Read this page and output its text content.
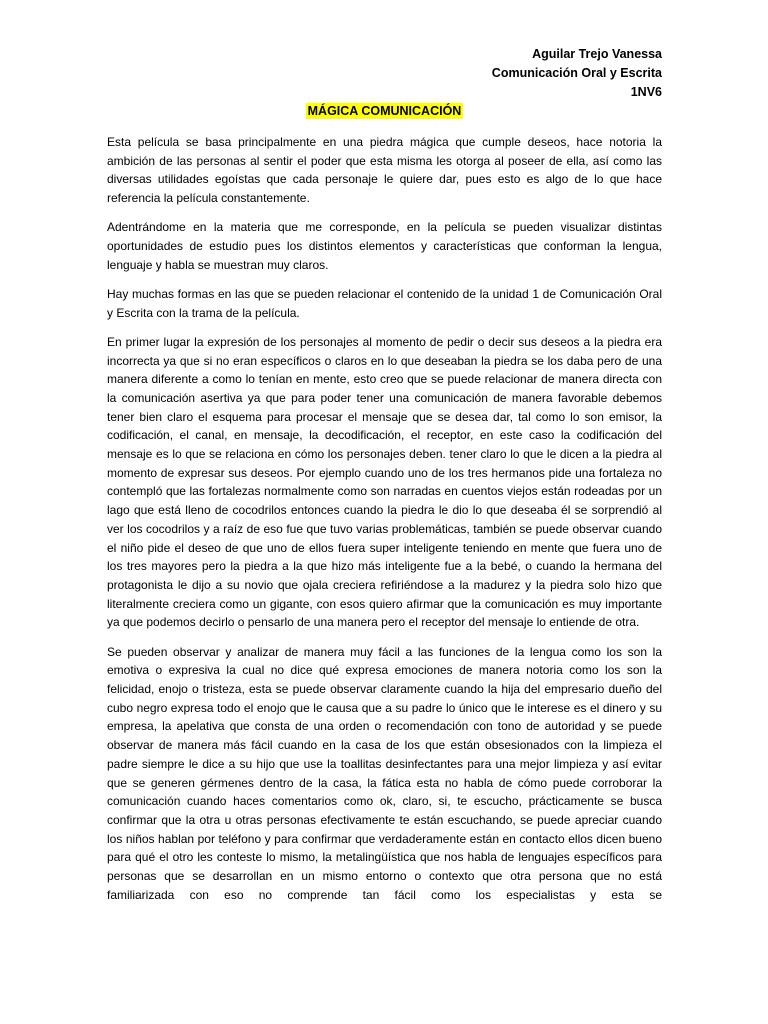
Aguilar Trejo Vanessa
Comunicación Oral y Escrita
1NV6
MÁGICA COMUNICACIÓN

Esta película se basa principalmente en una piedra mágica que cumple deseos, hace notoria la ambición de las personas al sentir el poder que esta misma les otorga al poseer de ella, así como las diversas utilidades egoístas que cada personaje le quiere dar, pues esto es algo de lo que hace referencia la película constantemente.

Adentrándome en la materia que me corresponde, en la película se pueden visualizar distintas oportunidades de estudio pues los distintos elementos y características que conforman la lengua, lenguaje y habla se muestran muy claros.

Hay muchas formas en las que se pueden relacionar el contenido de la unidad 1 de Comunicación Oral y Escrita con la trama de la película.

En primer lugar la expresión de los personajes al momento de pedir o decir sus deseos a la piedra era incorrecta ya que si no eran específicos o claros en lo que deseaban la piedra se los daba pero de una manera diferente a como lo tenían en mente, esto creo que se puede relacionar de manera directa con la comunicación asertiva ya que para poder tener una comunicación de manera favorable debemos tener bien claro el esquema para procesar el mensaje que se desea dar, tal como lo son emisor, la codificación, el canal, en mensaje, la decodificación, el receptor, en este caso la codificación del mensaje es lo que se relaciona en cómo los personajes deben. tener claro lo que le dicen a la piedra al momento de expresar sus deseos. Por ejemplo cuando uno de los tres hermanos pide una fortaleza no contempló que las fortalezas normalmente como son narradas en cuentos viejos están rodeadas por un lago que está lleno de cocodrilos entonces cuando la piedra le dio lo que deseaba él se sorprendió al ver los cocodrilos y a raíz de eso fue que tuvo varias problemáticas, también se puede observar cuando el niño pide el deseo de que uno de ellos fuera super inteligente teniendo en mente que fuera uno de los tres mayores pero la piedra a la que hizo más inteligente fue a la bebé, o cuando la hermana del protagonista le dijo a su novio que ojala creciera refiriéndose a la madurez y la piedra solo hizo que literalmente creciera como un gigante, con esos quiero afirmar que la comunicación es muy importante ya que podemos decirlo o pensarlo de una manera pero el receptor del mensaje lo entiende de otra.

Se pueden observar y analizar de manera muy fácil a las funciones de la lengua como los son la emotiva o expresiva la cual no dice qué expresa emociones de manera notoria como los son la felicidad, enojo o tristeza, esta se puede observar claramente cuando la hija del empresario dueño del cubo negro expresa todo el enojo que le causa que a su padre lo único que le interese es el dinero y su empresa, la apelativa que consta de una orden o recomendación con tono de autoridad y se puede observar de manera más fácil cuando en la casa de los que están obsesionados con la limpieza el padre siempre le dice a su hijo que use la toallitas desinfectantes para una mejor limpieza y así evitar que se generen gérmenes dentro de la casa, la fática esta no habla de cómo puede corroborar la comunicación cuando haces comentarios como ok, claro, si, te escucho, prácticamente se busca confirmar que la otra u otras personas efectivamente te están escuchando, se puede apreciar cuando los niños hablan por teléfono y para confirmar que verdaderamente están en contacto ellos dicen bueno para qué el otro les conteste lo mismo, la metalingüística que nos habla de lenguajes específicos para personas que se desarrollan en un mismo entorno o contexto que otra persona que no está familiarizada con eso no comprende tan fácil como los especialistas y esta se
